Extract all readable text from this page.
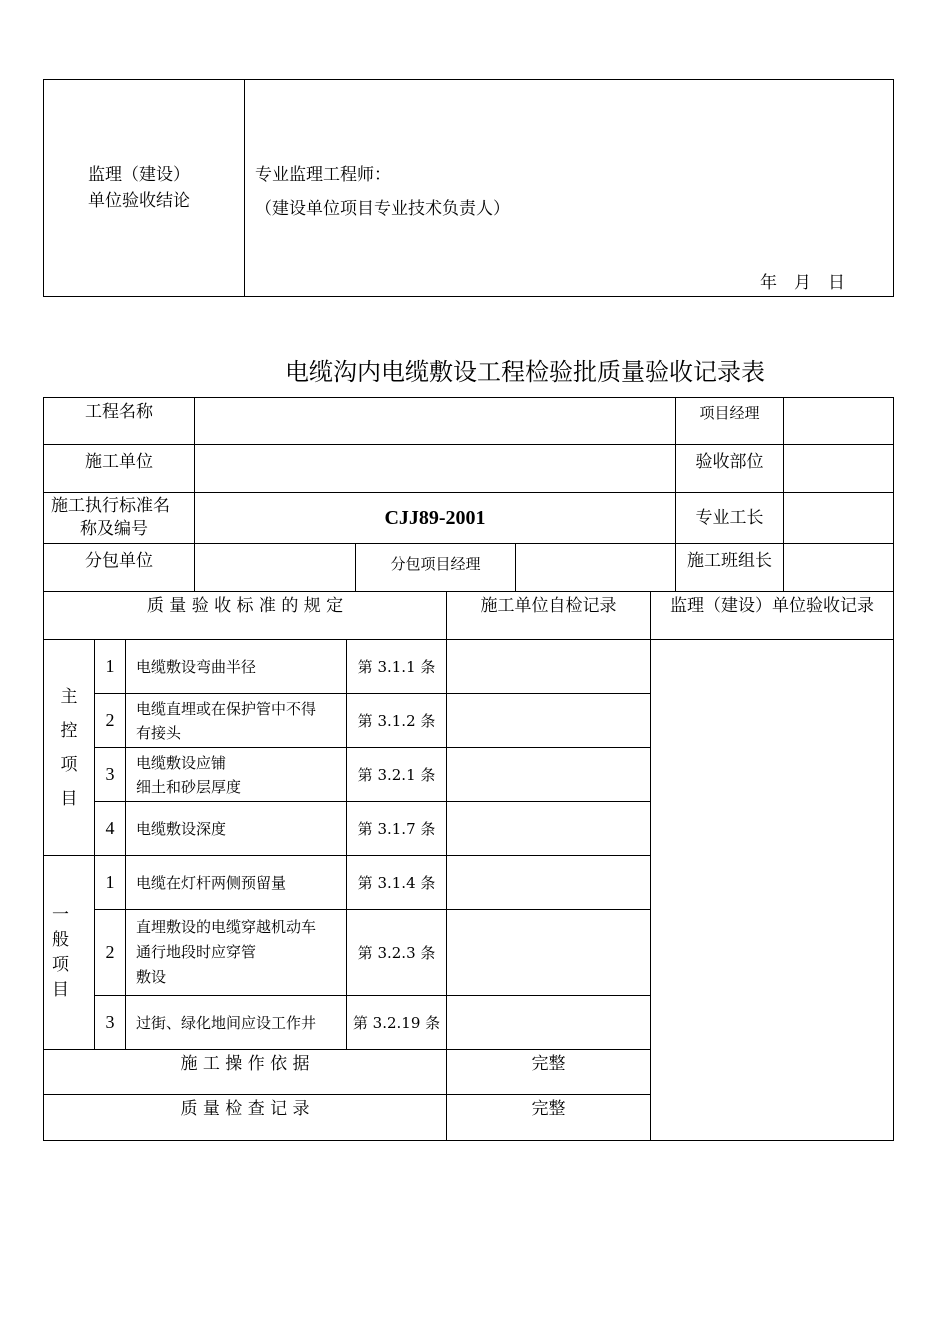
监理（建设）
单位验收结论

专业监理工程师：
（建设单位项目专业技术负责人）
年　月　日
电缆沟内电缆敷设工程检验批质量验收记录表
工程名称				项目经理	
施工单位				验收部位	

施工执行标准名
称及编号	CJJ89-2001			专业工长	
分包单位		分包项目经理		施工班组长	
质 量 验 收 标 准 的 规 定				施工单位自检记录	监理（建设）单位验收记录

主
控
项
目	1	电缆敷设弯曲半径	第 3.1.1 条		
	2	电缆直埋或在保护管中不得
有接头	第 3.1.2 条		
	3	电缆敷设应铺
细土和砂层厚度	第 3.2.1 条		
	4	电缆敷设深度	第 3.1.7 条		

一
般
项
目	1	电缆在灯杆两侧预留量	第 3.1.4 条		
	2	直埋敷设的电缆穿越机动车
通行地段时应穿管
敷设	第 3.2.3 条		
	3	过街、绿化地间应设工作井	第 3.2.19 条		
施 工 操 作 依 据				完整	
质 量 检 查 记 录				完整	
